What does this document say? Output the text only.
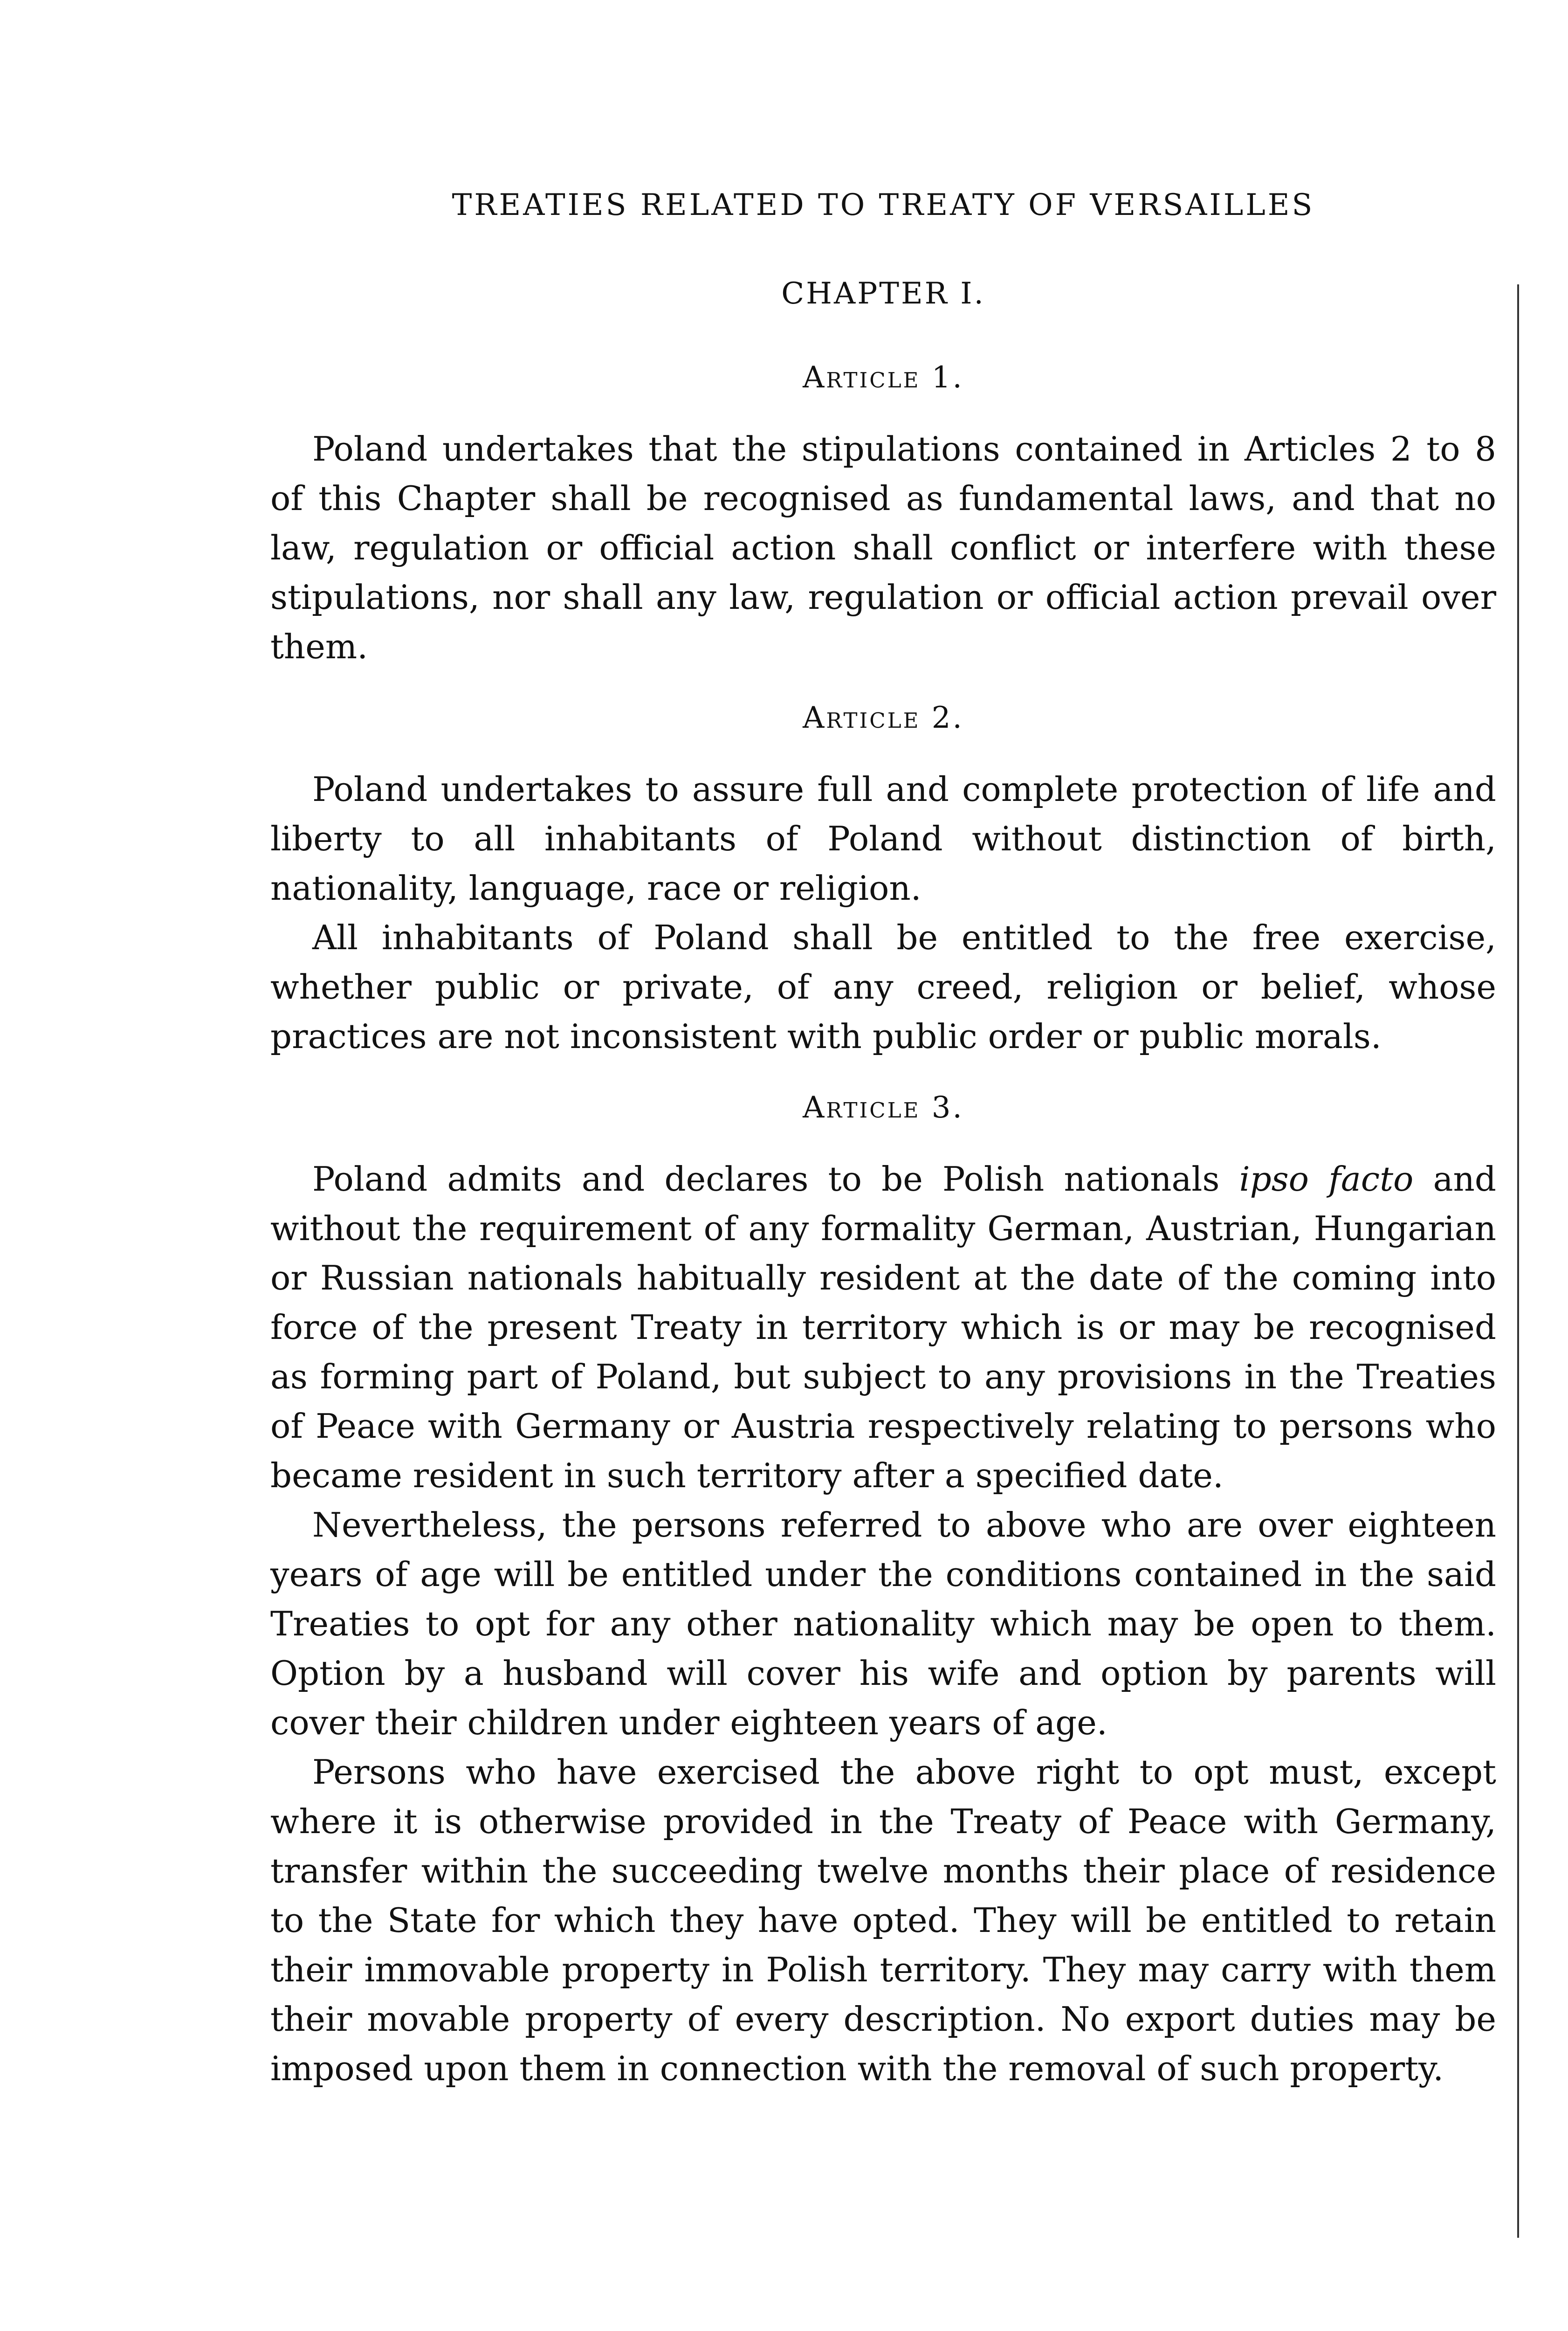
TREATIES RELATED TO TREATY OF VERSAILLES
CHAPTER I.
Article 1.

Poland undertakes that the stipulations contained in Articles 2 to 8 of this Chapter shall be recognised as fundamental laws, and that no law, regulation or official action shall conflict or interfere with these stipulations, nor shall any law, regulation or official action prevail over them.

Article 2.

Poland undertakes to assure full and complete protection of life and liberty to all inhabitants of Poland without distinction of birth, nationality, language, race or religion.

All inhabitants of Poland shall be entitled to the free exercise, whether public or private, of any creed, religion or belief, whose practices are not inconsistent with public order or public morals.

Article 3.

Poland admits and declares to be Polish nationals ipso facto and without the requirement of any formality German, Austrian, Hungarian or Russian nationals habitually resident at the date of the coming into force of the present Treaty in territory which is or may be recognised as forming part of Poland, but subject to any provisions in the Treaties of Peace with Germany or Austria respectively relating to persons who became resident in such territory after a specified date.

Nevertheless, the persons referred to above who are over eighteen years of age will be entitled under the conditions contained in the said Treaties to opt for any other nationality which may be open to them. Option by a husband will cover his wife and option by parents will cover their children under eighteen years of age.

Persons who have exercised the above right to opt must, except where it is otherwise provided in the Treaty of Peace with Germany, transfer within the succeeding twelve months their place of residence to the State for which they have opted. They will be entitled to retain their immovable property in Polish territory. They may carry with them their movable property of every description. No export duties may be imposed upon them in connection with the removal of such property.
